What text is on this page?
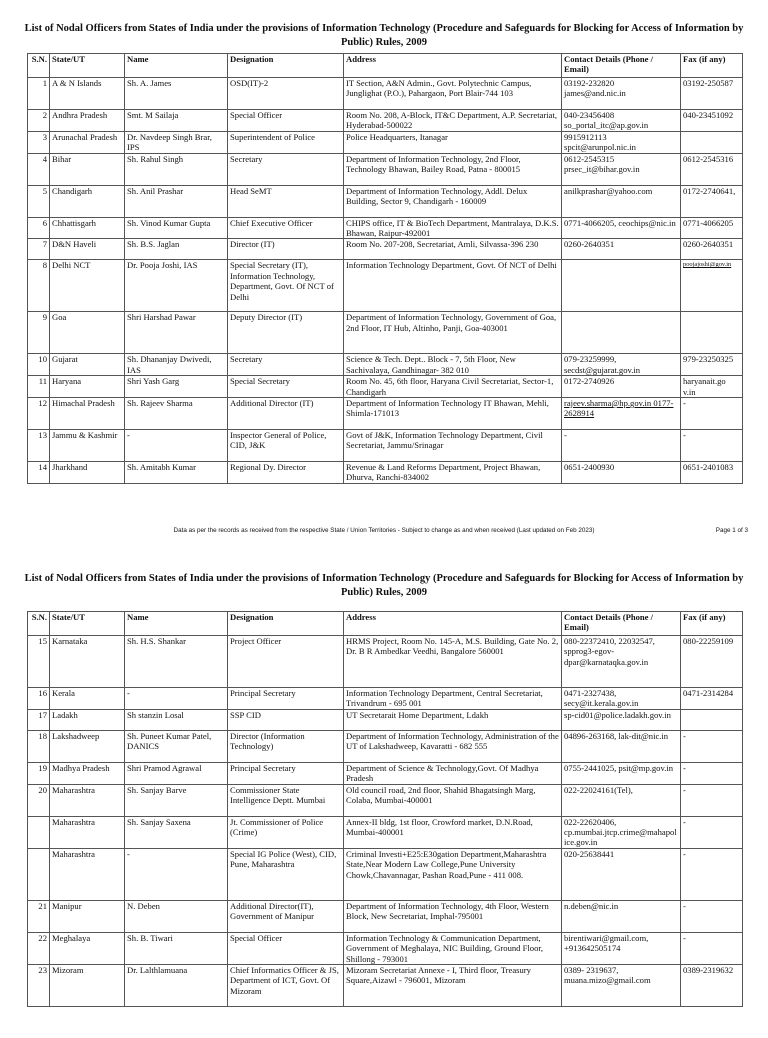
List of Nodal Officers from States of India under the provisions of Information Technology (Procedure and Safeguards for Blocking for Access of Information by Public) Rules, 2009
S.N.	State/UT	Name	Designation	Address	Contact Details (Phone / Email)	Fax (if any)
1	A & N Islands	Sh. A. James	OSD(IT)-2	IT Section, A&N Admin., Govt. Polytechnic Campus, Junglighat (P.O.), Pahargaon, Port Blair-744 103	03192-232820 james@and.nic.in	03192-250587
2	Andhra Pradesh	Smt. M Sailaja	Special Officer	Room No. 208, A-Block, IT&C Department, A.P. Secretariat, Hyderabad-500022	040-23456408 so_portal_itc@ap.gov.in	040-23451092
3	Arunachal Pradesh	Dr. Navdeep Singh Brar, IPS	Superintendent of Police	Police Headquarters, Itanagar	9915912113 spcit@arunpol.nic.in	
4	Bihar	Sh. Rahul Singh	Secretary	Department of Information Technology, 2nd Floor, Technology Bhawan, Bailey Road, Patna - 800015	0612-2545315 prsec_it@bihar.gov.in	0612-2545316
5	Chandigarh	Sh. Anil Prashar	Head SeMT	Department of Information Technology, Addl. Delux Building, Sector 9, Chandigarh - 160009	anilkprashar@yahoo.com	0172-2740641,
6	Chhattisgarh	Sh. Vinod Kumar Gupta	Chief Executive Officer	CHIPS office, IT & BioTech Department, Mantralaya, D.K.S. Bhawan, Raipur-492001	0771-4066205, ceochips@nic.in	0771-4066205
7	D&N Haveli	Sh. B.S. Jaglan	Director (IT)	Room No. 207-208, Secretariat, Amli, Silvassa-396 230	0260-2640351	0260-2640351
8	Delhi NCT	Dr. Pooja Joshi, IAS	Special Secretary (IT), Information Technology, Department, Govt. Of NCT of Delhi	Information Technology Department, Govt. Of NCT of Delhi		poojajoshi@gov.in
9	Goa	Shri Harshad Pawar	Deputy Director (IT)	Department of Information Technology, Government of Goa, 2nd Floor, IT Hub, Altinho, Panji, Goa-403001		
10	Gujarat	Sh. Dhananjay Dwivedi, IAS	Secretary	Science & Tech. Dept.. Block - 7, 5th Floor, New Sachivalaya, Gandhinagar- 382 010	079-23259999, secdst@gujarat.gov.in	979-23250325
11	Haryana	Shri Yash Garg	Special Secretary	Room No. 45, 6th floor, Haryana Civil Secretariat, Sector-1, Chandigarh	0172-2740926	haryanait.go v.in
12	Himachal Pradesh	Sh. Rajeev Sharma	Additional Director (IT)	Department of Information Technology IT Bhawan, Mehli, Shimla-171013	rajeev.sharma@hp.gov.in 0177- 2628914	-
13	Jammu & Kashmir	-	Inspector General of Police, CID, J&K	Govt of J&K, Information Technology Department, Civil Secretariat, Jammu/Srinagar	-	-
14	Jharkhand	Sh. Amitabh Kumar	Regional Dy. Director	Revenue & Land Reforms Department, Project Bhawan, Dhurva, Ranchi-834002	0651-2400930	0651-2401083
Data as per the records as received from the respective State / Union Territories - Subject to change as and when received (Last updated on Feb 2023)	Page 1 of 3
List of Nodal Officers from States of India under the provisions of Information Technology (Procedure and Safeguards for Blocking for Access of Information by Public) Rules, 2009
S.N.	State/UT	Name	Designation	Address	Contact Details (Phone / Email)	Fax (if any)
15	Karnataka	Sh. H.S. Shankar	Project Officer	HRMS Project, Room No. 145-A, M.S. Building, Gate No. 2, Dr. B R Ambedkar Veedhi, Bangalore 560001	080-22372410, 22032547, spprog3-egov-dpar@karnataqka.gov.in	080-22259109
16	Kerala	-	Principal Secretary	Information Technology Department, Central Secretariat, Trivandrum - 695 001	0471-2327438, secy@it.kerala.gov.in	0471-2314284
17	Ladakh	Sh stanzin Losal	SSP CID	UT Secretarait Home Department, Ldakh	sp-cid01@police.ladakh.gov.in	
18	Lakshadweep	Sh. Puneet Kumar Patel, DANICS	Director (Information Technology)	Department of Information Technology, Administration of the UT of Lakshadweep, Kavaratti - 682 555	04896-263168, lak-dit@nic.in	-
19	Madhya Pradesh	Shri Pramod Agrawal	Principal Secretary	Department of Science & Technology,Govt. Of Madhya Pradesh	0755-2441025, psit@mp.gov.in	-
20	Maharashtra	Sh. Sanjay Barve	Commissioner State Intelligence Deptt. Mumbai	Old council road, 2nd floor, Shahid Bhagatsingh Marg, Colaba, Mumbai-400001	022-22024161(Tel),	-
	Maharashtra	Sh. Sanjay Saxena	Jt. Commissioner of Police (Crime)	Annex-II bldg, 1st floor, Crowford market, D.N.Road, Mumbai-400001	022-22620406, cp.mumbai.jtcp.crime@mahapolice.gov.in	-
	Maharashtra	-	Special IG Police (West), CID, Pune, Maharashtra	Criminal Investi+E25:E30gation Department,Maharashtra State,Near Modern Law College,Pune University Chowk,Chavannagar, Pashan Road,Pune - 411 008.	020-25638441	-
21	Manipur	N. Deben	Additional Director(IT), Government of Manipur	Department of Information Technology, 4th Floor, Western Block, New Secretariat, Imphal-795001	n.deben@nic.in	-
22	Meghalaya	Sh. B. Tiwari	Special Officer	Information Technology & Communication Department, Government of Meghalaya, NIC Building, Ground Floor, Shillong - 793001	birentiwari@gmail.com, +913642505174	-
23	Mizoram	Dr. Lalthlamuana	Chief Informatics Officer & JS, Department of ICT, Govt. Of Mizoram	Mizoram Secretariat Annexe - I, Third floor, Treasury Square,Aizawl - 796001, Mizoram	0389- 2319637, muana.mizo@gmail.com	0389-2319632
